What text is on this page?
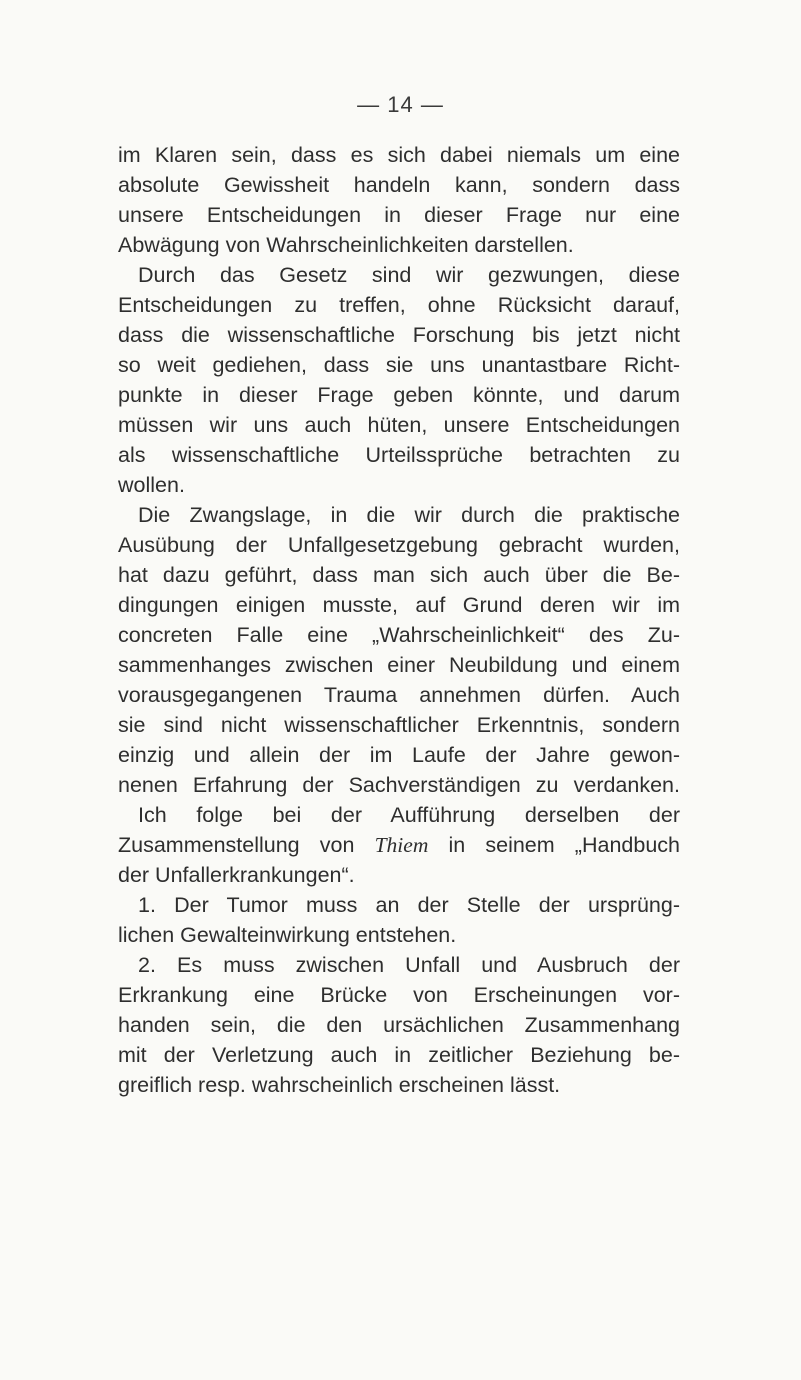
— 14 —
im Klaren sein, dass es sich dabei niemals um eine
absolute Gewissheit handeln kann, sondern dass
unsere Entscheidungen in dieser Frage nur eine
Abwägung von Wahrscheinlichkeiten darstellen.
Durch das Gesetz sind wir gezwungen, diese
Entscheidungen zu treffen, ohne Rücksicht darauf,
dass die wissenschaftliche Forschung bis jetzt nicht
so weit gediehen, dass sie uns unantastbare Richt-
punkte in dieser Frage geben könnte, und darum
müssen wir uns auch hüten, unsere Entscheidungen
als wissenschaftliche Urteilssprüche betrachten zu
wollen.
Die Zwangslage, in die wir durch die praktische
Ausübung der Unfallgesetzgebung gebracht wurden,
hat dazu geführt, dass man sich auch über die Be-
dingungen einigen musste, auf Grund deren wir im
concreten Falle eine „Wahrscheinlichkeit“ des Zu-
sammenhanges zwischen einer Neubildung und einem
vorausgegangenen Trauma annehmen dürfen. Auch
sie sind nicht wissenschaftlicher Erkenntnis, sondern
einzig und allein der im Laufe der Jahre gewon-
nenen Erfahrung der Sachverständigen zu verdanken.
Ich folge bei der Aufführung derselben der
Zusammenstellung von Thiem in seinem „Handbuch
der Unfallerkrankungen“.
1. Der Tumor muss an der Stelle der ursprüng-
lichen Gewalteinwirkung entstehen.
2. Es muss zwischen Unfall und Ausbruch der
Erkrankung eine Brücke von Erscheinungen vor-
handen sein, die den ursächlichen Zusammenhang
mit der Verletzung auch in zeitlicher Beziehung be-
greiflich resp. wahrscheinlich erscheinen lässt.
